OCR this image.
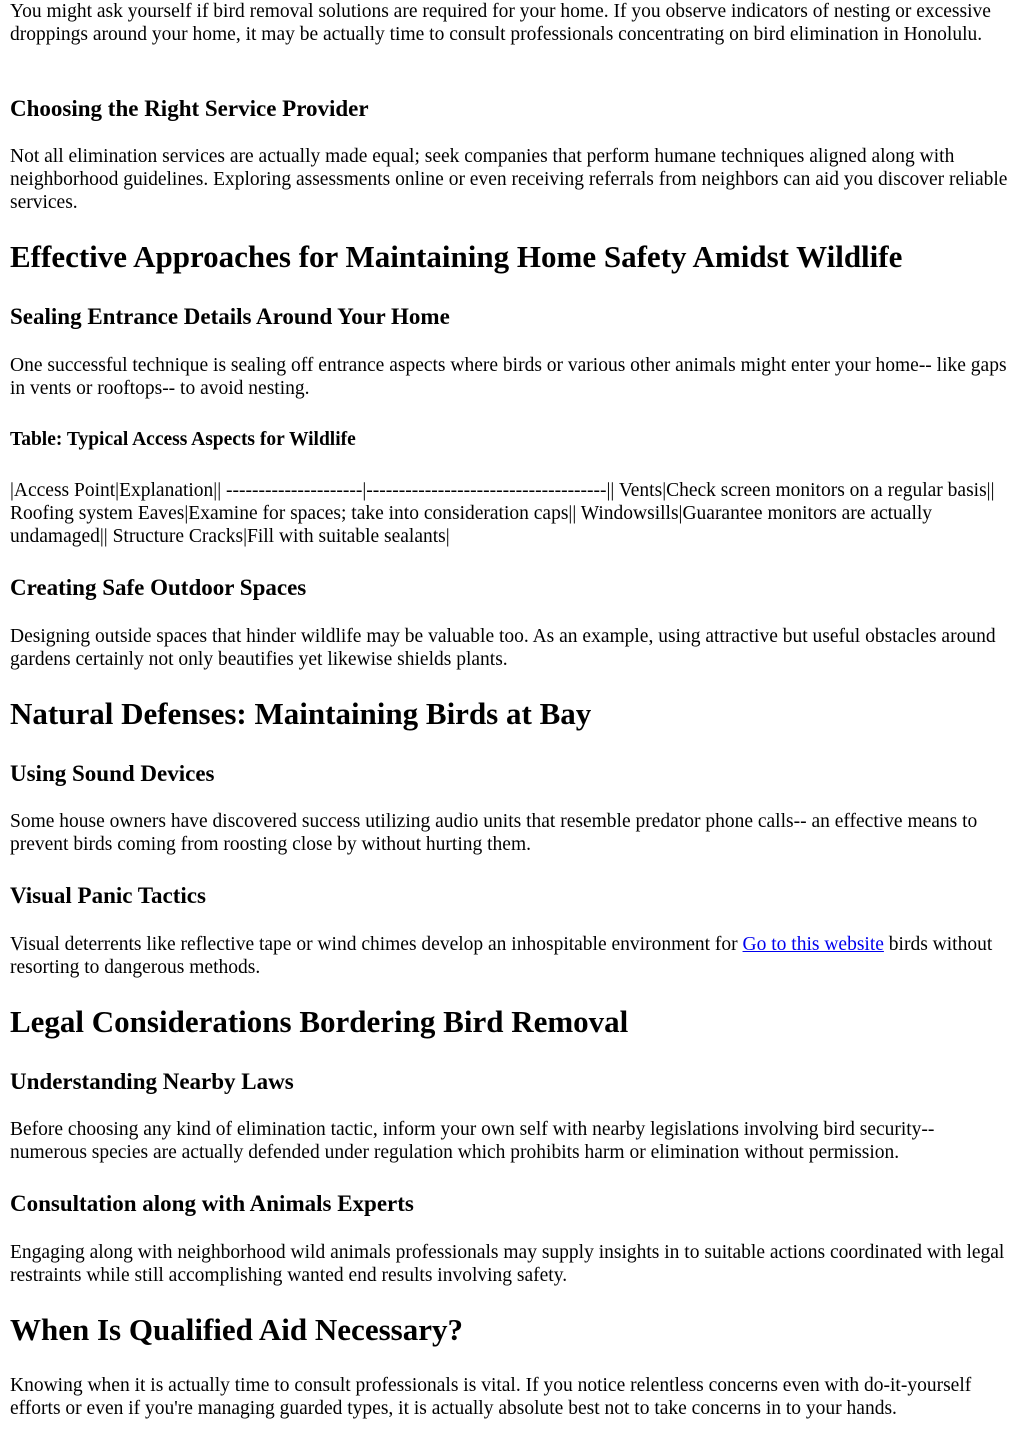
You might ask yourself if bird removal solutions are required for your home. If you observe indicators of nesting or excessive droppings around your home, it may be actually time to consult professionals concentrating on bird elimination in Honolulu.

Choosing the Right Service Provider

Not all elimination services are actually made equal; seek companies that perform humane techniques aligned along with neighborhood guidelines. Exploring assessments online or even receiving referrals from neighbors can aid you discover reliable services.

Effective Approaches for Maintaining Home Safety Amidst Wildlife
Sealing Entrance Details Around Your Home

One successful technique is sealing off entrance aspects where birds or various other animals might enter your home-- like gaps in vents or rooftops-- to avoid nesting.

Table: Typical Access Aspects for Wildlife

|Access Point|Explanation|| ---------------------|-------------------------------------|| Vents|Check screen monitors on a regular basis|| Roofing system Eaves|Examine for spaces; take into consideration caps|| Windowsills|Guarantee monitors are actually undamaged|| Structure Cracks|Fill with suitable sealants|

Creating Safe Outdoor Spaces

Designing outside spaces that hinder wildlife may be valuable too. As an example, using attractive but useful obstacles around gardens certainly not only beautifies yet likewise shields plants.

Natural Defenses: Maintaining Birds at Bay
Using Sound Devices

Some house owners have discovered success utilizing audio units that resemble predator phone calls-- an effective means to prevent birds coming from roosting close by without hurting them.

Visual Panic Tactics

Visual deterrents like reflective tape or wind chimes develop an inhospitable environment for Go to this website birds without resorting to dangerous methods.

Legal Considerations Bordering Bird Removal
Understanding Nearby Laws

Before choosing any kind of elimination tactic, inform your own self with nearby legislations involving bird security-- numerous species are actually defended under regulation which prohibits harm or elimination without permission.

Consultation along with Animals Experts

Engaging along with neighborhood wild animals professionals may supply insights in to suitable actions coordinated with legal restraints while still accomplishing wanted end results involving safety.

When Is Qualified Aid Necessary?

Knowing when it is actually time to consult professionals is vital. If you notice relentless concerns even with do-it-yourself efforts or even if you're managing guarded types, it is actually absolute best not to take concerns in to your hands.
